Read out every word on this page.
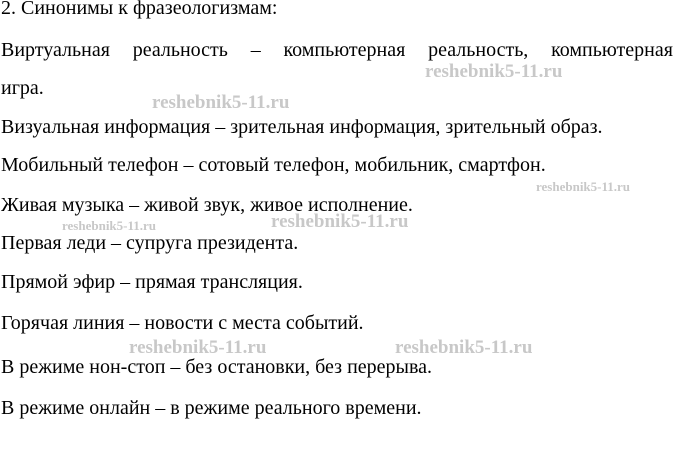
2. Синонимы к фразеологизмам:
Виртуальная реальность – компьютерная реальность, компьютерная
игра.
Визуальная информация – зрительная информация, зрительный образ.
Мобильный телефон – сотовый телефон, мобильник, смартфон.
Живая музыка – живой звук, живое исполнение.
Первая леди – супруга президента.
Прямой эфир – прямая трансляция.
Горячая линия – новости с места событий.
В режиме нон-стоп – без остановки, без перерыва.
В режиме онлайн – в режиме реального времени.
reshebnik5-11.ru
reshebnik5-11.ru
reshebnik5-11.ru
reshebnik5-11.ru	reshebnik5-11.ru
reshebnik5-11.ru	reshebnik5-11.ru
